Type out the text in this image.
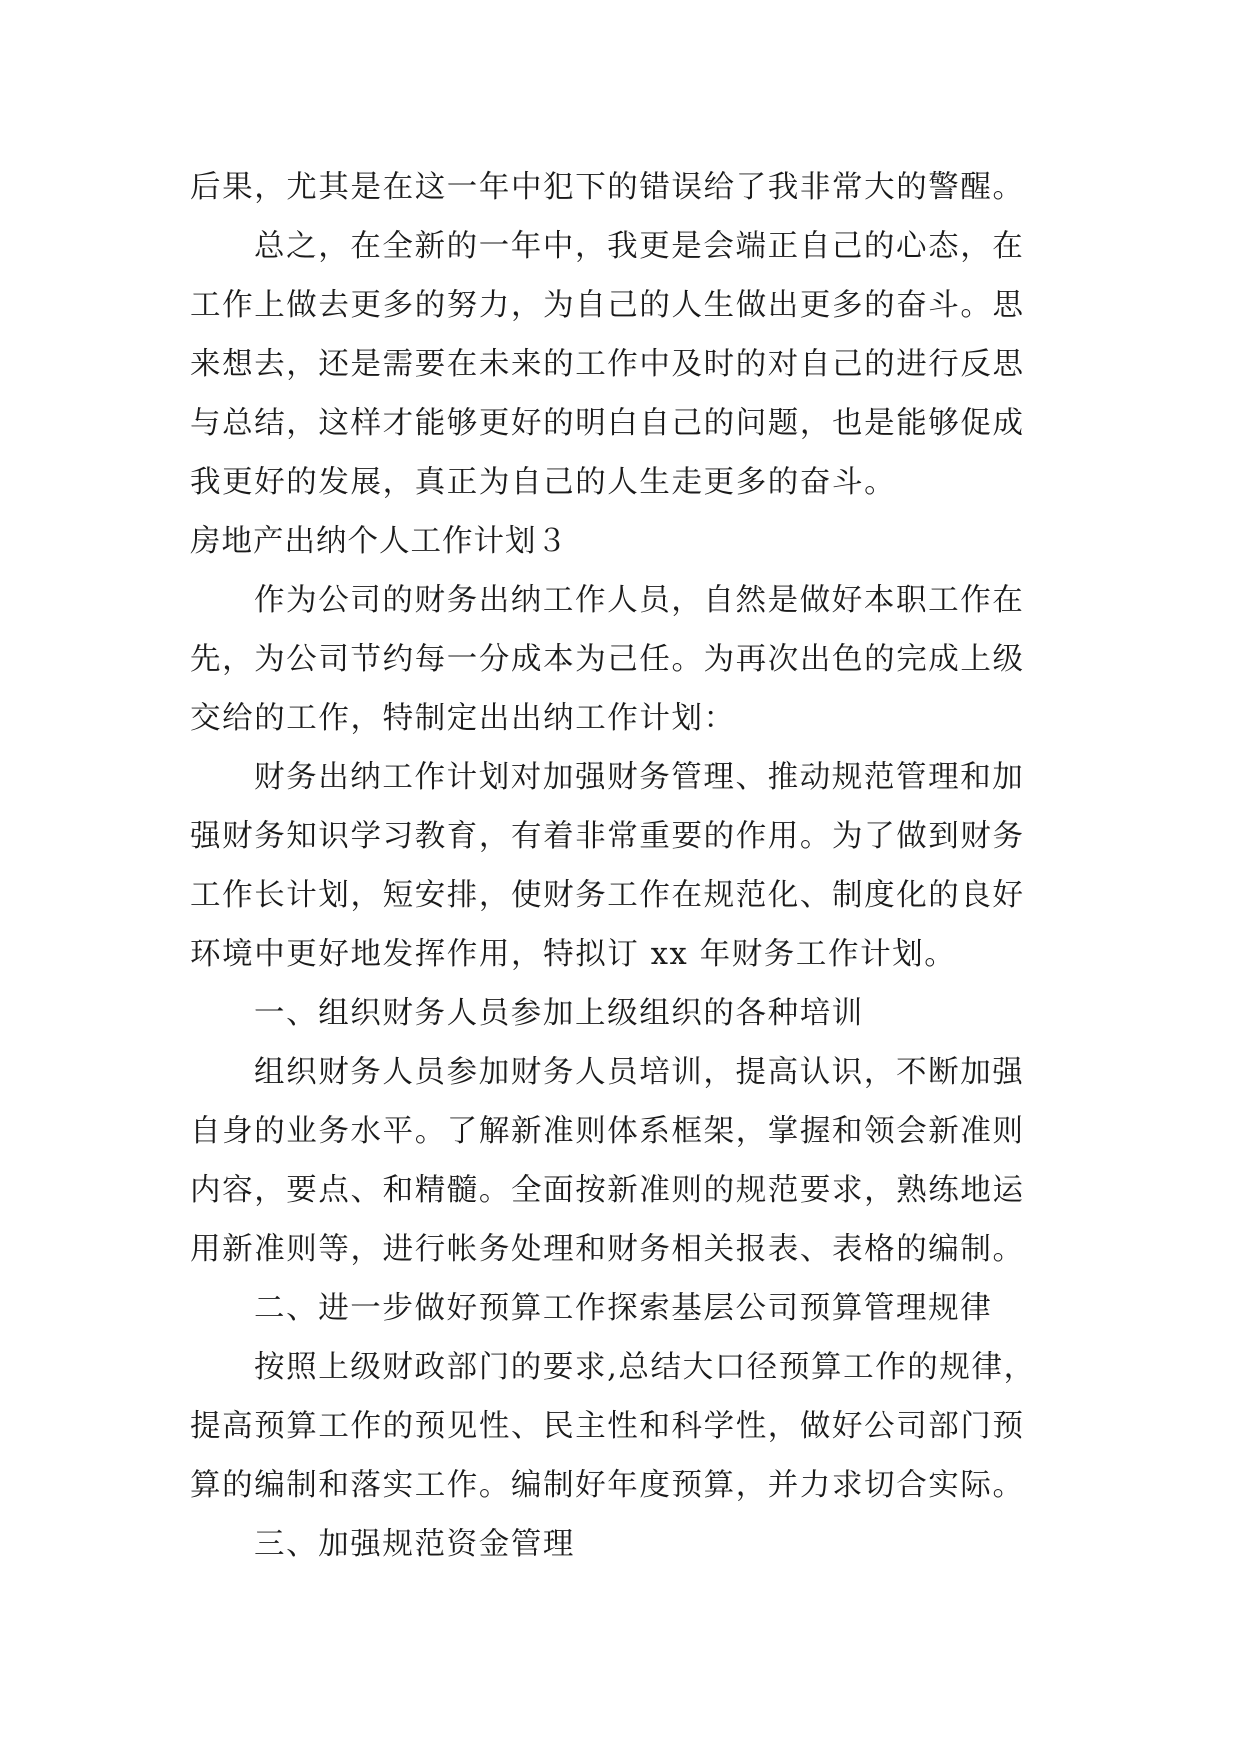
后果，尤其是在这一年中犯下的错误给了我非常大的警醒。
总之，在全新的一年中，我更是会端正自己的心态，在
工作上做去更多的努力，为自己的人生做出更多的奋斗。思
来想去，还是需要在未来的工作中及时的对自己的进行反思
与总结，这样才能够更好的明白自己的问题，也是能够促成
我更好的发展，真正为自己的人生走更多的奋斗。
房地产出纳个人工作计划３
作为公司的财务出纳工作人员，自然是做好本职工作在
先，为公司节约每一分成本为己任。为再次出色的完成上级
交给的工作，特制定出出纳工作计划：
财务出纳工作计划对加强财务管理、推动规范管理和加
强财务知识学习教育，有着非常重要的作用。为了做到财务
工作长计划，短安排，使财务工作在规范化、制度化的良好
环境中更好地发挥作用，特拟订 xx 年财务工作计划。
一、组织财务人员参加上级组织的各种培训
组织财务人员参加财务人员培训，提高认识，不断加强
自身的业务水平。了解新准则体系框架，掌握和领会新准则
内容，要点、和精髓。全面按新准则的规范要求，熟练地运
用新准则等，进行帐务处理和财务相关报表、表格的编制。
二、进一步做好预算工作探索基层公司预算管理规律
按照上级财政部门的要求,总结大口径预算工作的规律，
提高预算工作的预见性、民主性和科学性，做好公司部门预
算的编制和落实工作。编制好年度预算，并力求切合实际。
三、加强规范资金管理
